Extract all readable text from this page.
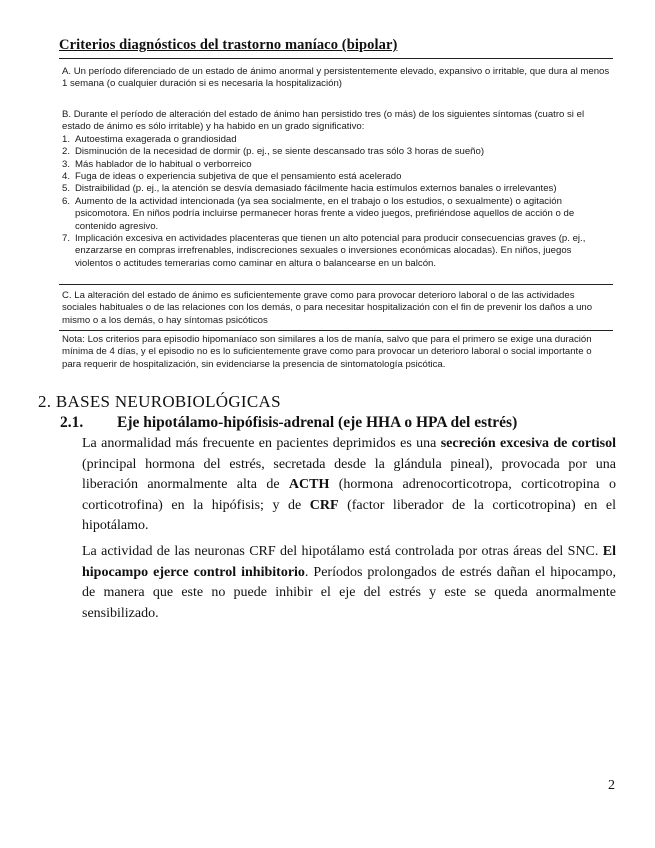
Criterios diagnósticos del trastorno maníaco (bipolar)
A. Un período diferenciado de un estado de ánimo anormal y persistentemente elevado, expansivo o irritable, que dura al menos 1 semana (o cualquier duración si es necesaria la hospitalización)
B. Durante el período de alteración del estado de ánimo han persistido tres (o más) de los siguientes síntomas (cuatro si el estado de ánimo es sólo irritable) y ha habido en un grado significativo:
1. Autoestima exagerada o grandiosidad
2. Disminución de la necesidad de dormir (p. ej., se siente descansado tras sólo 3 horas de sueño)
3. Más hablador de lo habitual o verborreico
4. Fuga de ideas o experiencia subjetiva de que el pensamiento está acelerado
5. Distraibilidad (p. ej., la atención se desvía demasiado fácilmente hacia estímulos externos banales o irrelevantes)
6. Aumento de la actividad intencionada (ya sea socialmente, en el trabajo o los estudios, o sexualmente) o agitación psicomotora. En niños podría incluirse permanecer horas frente a video juegos, prefiriéndose aquellos de acción o de contenido agresivo.
7. Implicación excesiva en actividades placenteras que tienen un alto potencial para producir consecuencias graves (p. ej., enzarzarse en compras irrefrenables, indiscreciones sexuales o inversiones económicas alocadas). En niños, juegos violentos o actitudes temerarias como caminar en altura o balancearse en un balcón.
C. La alteración del estado de ánimo es suficientemente grave como para provocar deterioro laboral o de las actividades sociales habituales o de las relaciones con los demás, o para necesitar hospitalización con el fin de prevenir los daños a uno mismo o a los demás, o hay síntomas psicóticos
Nota: Los criterios para episodio hipomaníaco son similares a los de manía, salvo que para el primero se exige una duración mínima de 4 días, y el episodio no es lo suficientemente grave como para provocar un deterioro laboral o social importante o para requerir de hospitalización, sin evidenciarse la presencia de sintomatología psicótica.
2. BASES NEUROBIOLÓGICAS
2.1. Eje hipotálamo-hipófisis-adrenal (eje HHA o HPA del estrés)
La anormalidad más frecuente en pacientes deprimidos es una secreción excesiva de cortisol (principal hormona del estrés, secretada desde la glándula pineal), provocada por una liberación anormalmente alta de ACTH (hormona adrenocorticotropa, corticotropina o corticotrofina) en la hipófisis; y de CRF (factor liberador de la corticotropina) en el hipotálamo.
La actividad de las neuronas CRF del hipotálamo está controlada por otras áreas del SNC. El hipocampo ejerce control inhibitorio. Períodos prolongados de estrés dañan el hipocampo, de manera que este no puede inhibir el eje del estrés y este se queda anormalmente sensibilizado.
2
